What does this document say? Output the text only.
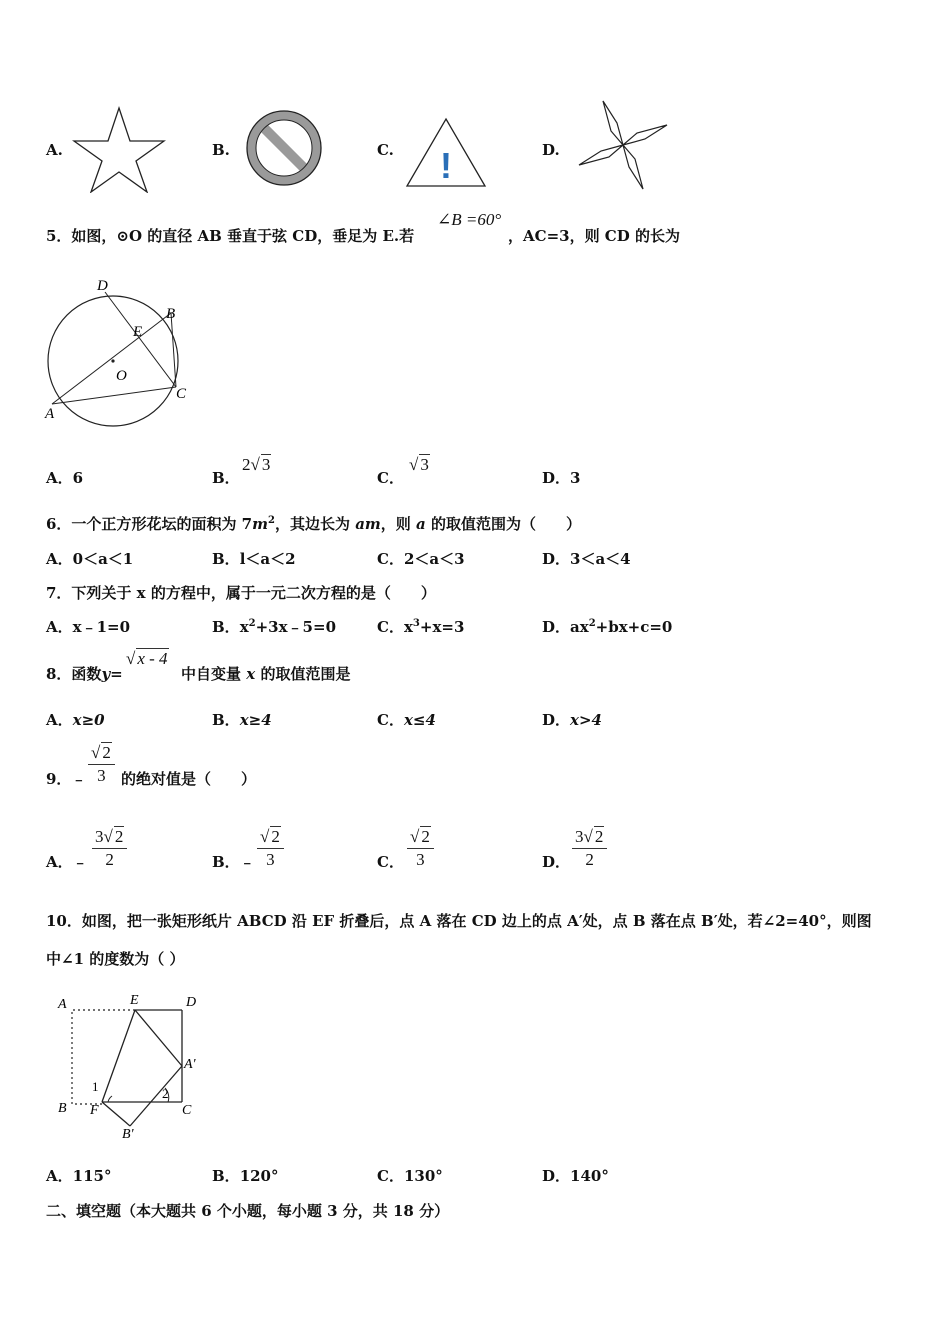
A.	B.	C. !	D.
5．如图，⊙O 的直径 AB 垂直于弦 CD，垂足为 E.若
∠B =60°
，AC=3，则 CD 的长为
D
B
E
O
A
C
A．6	B．
2√ 3
C．
√ 3
D．3
6．一个正方形花坛的面积为 $7m^2$，其边长为 am，则 a 的取值范围为（　　）
A．0＜a＜1	B．l＜a＜2	C．2＜a＜3	D．3＜a＜4
7．下列关于 x 的方程中，属于一元二次方程的是（　　）
A．x﹣1=0	B．$x^2+3x﹣5=0$	C．$x^3+x=3$	D．$ax^2+bx+c=0$
8．函数y=
√ x - 4
中自变量 x 的取值范围是
A．x≥0	B．x≥4	C．x≤4	D．x>4
9．﹣ $\frac{√ 2}{3}$ 的绝对值是（　　）
A．﹣ $\frac{3√ 2}{2}$	B．﹣ $\frac{√ 2}{3}$	C． $\frac{√ 2}{3}$	D． $\frac{3√ 2}{2}$
10．如图，把一张矩形纸片 ABCD 沿 EF 折叠后，点 A 落在 CD 边上的点 A′处，点 B 落在点 B′处，若∠2=40°，则图
中∠1 的度数为（ ）
A	E	D
A'
B F	C
B'
1	2
A．115°	B．120°	C．130°	D．140°
二、填空题（本大题共 6 个小题，每小题 3 分，共 18 分）
